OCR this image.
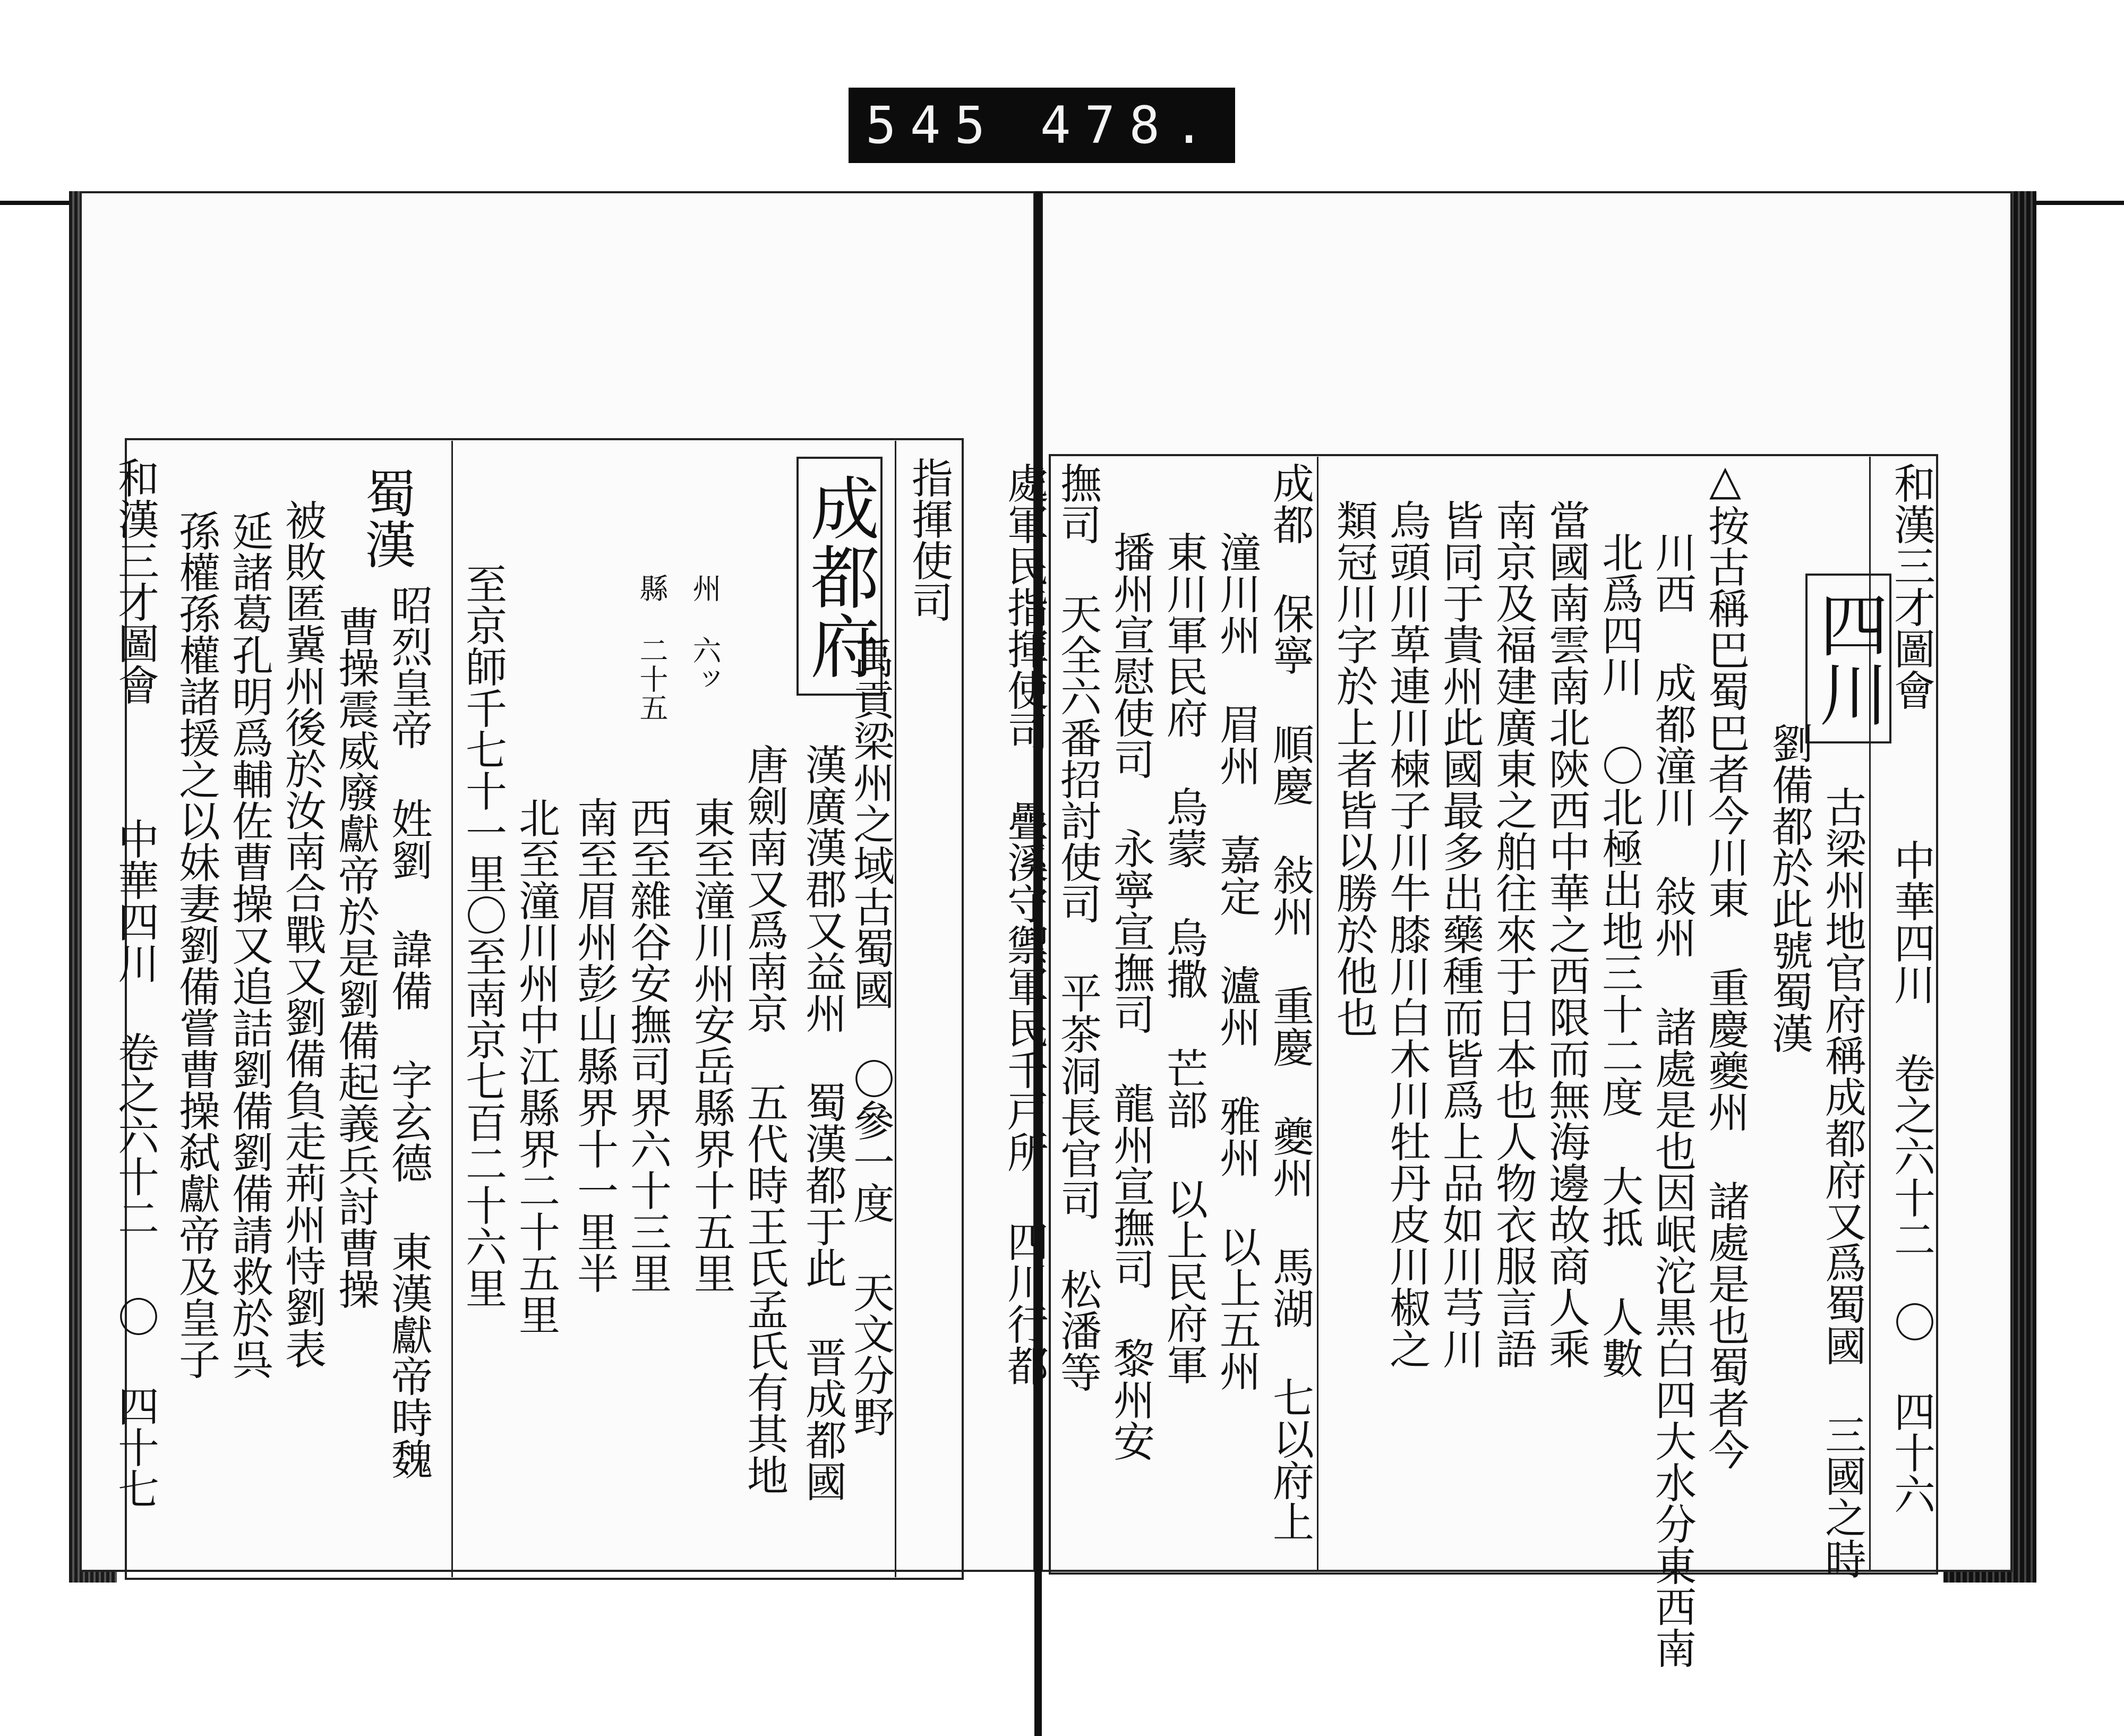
545 478.
和漢三才圖會
中華四川 卷之六十二
〇 四十七
蜀漢
昭烈皇帝 姓劉 諱備 字玄德 東漢獻帝時魏
曹操震威廢獻帝於是劉備起義兵討曹操
被敗匿冀州後於汝南合戰又劉備負走荊州恃劉表
延諸葛孔明爲輔佐曹操又追詰劉備劉備請救於呉
孫權孫權諸援之以妹妻劉備嘗曹操弑獻帝及皇子	至京師千七十一里〇至南京七百二十六里 北至潼川州中江縣界二十五里 南至眉州彭山縣界十一里半 西至雜谷安撫司界六十三里 東至潼川州安岳縣界十五里
州 六ッ
縣 二十五 成都府
禹貢梁州之域古蜀國 〇參一度 天文分野
漢廣漢郡又益州 蜀漢都于此 晋成都國
唐劍南又爲南京 五代時王氏孟氏有其地
指揮使司	和漢三才圖會
中華四川 卷之六十二
〇 四十六
四川
古梁州地官府稱成都府又爲蜀國 三國之時
劉備都於此號蜀漢
△按古稱巴蜀巴者今川東 重慶夔州 諸處是也蜀者今
川西 成都潼川 敍州 諸處是也因岷沱黒白四大水分東西南
北爲四川 〇北極出地三十二度 大抵 人數
當國南雲南北陝西中華之西限而無海邊故商人乘
南京及福建廣東之舶往來于日本也人物衣服言語
皆同于貴州此國最多出藥種而皆爲上品如川芎川
烏頭川萆連川楝子川牛膝川白木川牡丹皮川椒之
類冠川字於上者皆以勝於他也
成都 保寧 順慶 敍州 重慶 夔州 馬湖 七以府上
潼川州 眉州 嘉定 瀘州 雅州 以上五州
東川軍民府 烏蒙 烏撒 芒部 以上民府軍
播州宣慰使司 永寧宣撫司 龍州宣撫司 黎州安
撫司 天全六番招討使司 平茶洞長官司 松潘等
處軍民指揮使司 疊溪守禦軍民千戸所 四川行都
